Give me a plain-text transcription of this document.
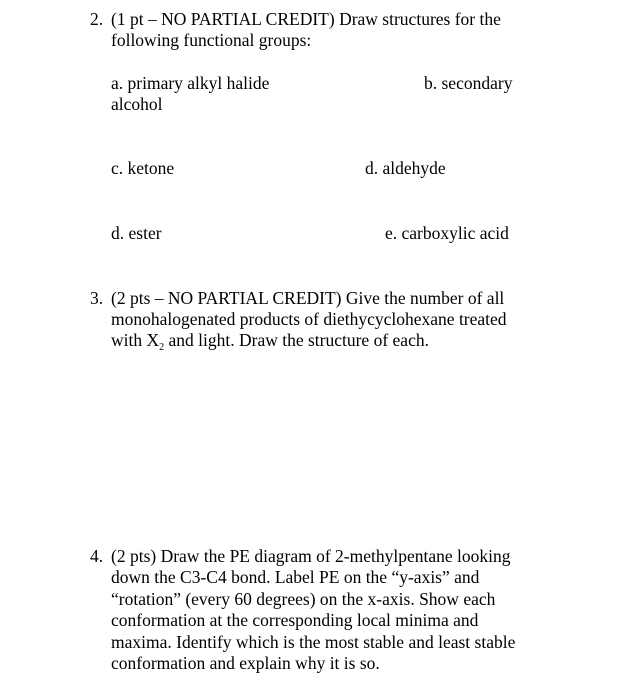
2. (1 pt – NO PARTIAL CREDIT) Draw structures for the
following functional groups:
a. primary alkyl halide	b. secondary
alcohol
c. ketone	d. aldehyde
d. ester	e. carboxylic acid
3. (2 pts – NO PARTIAL CREDIT) Give the number of all
monohalogenated products of diethycyclohexane treated
with $X_2$ and light. Draw the structure of each.
4. (2 pts) Draw the PE diagram of 2-methylpentane looking
down the C3-C4 bond. Label PE on the “y-axis” and
“rotation” (every 60 degrees) on the x-axis. Show each
conformation at the corresponding local minima and
maxima. Identify which is the most stable and least stable
conformation and explain why it is so.
